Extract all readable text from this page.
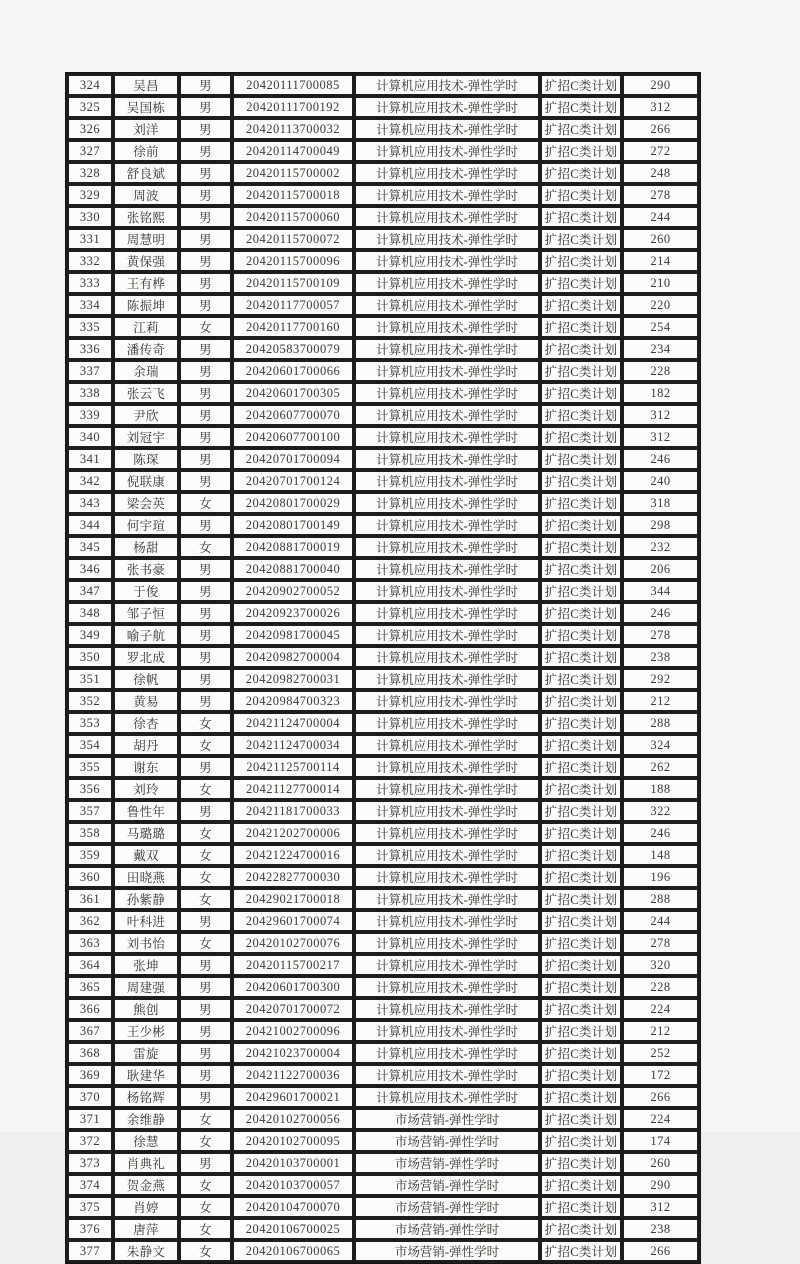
324	吴昌	男	20420111700085	计算机应用技术-弹性学时	扩招C类计划	290
325	吴国栋	男	20420111700192	计算机应用技术-弹性学时	扩招C类计划	312
326	刘洋	男	20420113700032	计算机应用技术-弹性学时	扩招C类计划	266
327	徐前	男	20420114700049	计算机应用技术-弹性学时	扩招C类计划	272
328	舒良斌	男	20420115700002	计算机应用技术-弹性学时	扩招C类计划	248
329	周波	男	20420115700018	计算机应用技术-弹性学时	扩招C类计划	278
330	张铭熙	男	20420115700060	计算机应用技术-弹性学时	扩招C类计划	244
331	周慧明	男	20420115700072	计算机应用技术-弹性学时	扩招C类计划	260
332	黄保强	男	20420115700096	计算机应用技术-弹性学时	扩招C类计划	214
333	王有桦	男	20420115700109	计算机应用技术-弹性学时	扩招C类计划	210
334	陈振坤	男	20420117700057	计算机应用技术-弹性学时	扩招C类计划	220
335	江莉	女	20420117700160	计算机应用技术-弹性学时	扩招C类计划	254
336	潘传奇	男	20420583700079	计算机应用技术-弹性学时	扩招C类计划	234
337	余瑞	男	20420601700066	计算机应用技术-弹性学时	扩招C类计划	228
338	张云飞	男	20420601700305	计算机应用技术-弹性学时	扩招C类计划	182
339	尹欣	男	20420607700070	计算机应用技术-弹性学时	扩招C类计划	312
340	刘冠宇	男	20420607700100	计算机应用技术-弹性学时	扩招C类计划	312
341	陈琛	男	20420701700094	计算机应用技术-弹性学时	扩招C类计划	246
342	倪联康	男	20420701700124	计算机应用技术-弹性学时	扩招C类计划	240
343	梁会英	女	20420801700029	计算机应用技术-弹性学时	扩招C类计划	318
344	何宇瑄	男	20420801700149	计算机应用技术-弹性学时	扩招C类计划	298
345	杨甜	女	20420881700019	计算机应用技术-弹性学时	扩招C类计划	232
346	张书豪	男	20420881700040	计算机应用技术-弹性学时	扩招C类计划	206
347	于俊	男	20420902700052	计算机应用技术-弹性学时	扩招C类计划	344
348	邹子恒	男	20420923700026	计算机应用技术-弹性学时	扩招C类计划	246
349	喻子航	男	20420981700045	计算机应用技术-弹性学时	扩招C类计划	278
350	罗北成	男	20420982700004	计算机应用技术-弹性学时	扩招C类计划	238
351	徐帆	男	20420982700031	计算机应用技术-弹性学时	扩招C类计划	292
352	黄易	男	20420984700323	计算机应用技术-弹性学时	扩招C类计划	212
353	徐杏	女	20421124700004	计算机应用技术-弹性学时	扩招C类计划	288
354	胡丹	女	20421124700034	计算机应用技术-弹性学时	扩招C类计划	324
355	谢东	男	20421125700114	计算机应用技术-弹性学时	扩招C类计划	262
356	刘玲	女	20421127700014	计算机应用技术-弹性学时	扩招C类计划	188
357	鲁性年	男	20421181700033	计算机应用技术-弹性学时	扩招C类计划	322
358	马璐璐	女	20421202700006	计算机应用技术-弹性学时	扩招C类计划	246
359	戴双	女	20421224700016	计算机应用技术-弹性学时	扩招C类计划	148
360	田晓燕	女	20422827700030	计算机应用技术-弹性学时	扩招C类计划	196
361	孙紫静	女	20429021700018	计算机应用技术-弹性学时	扩招C类计划	288
362	叶科进	男	20429601700074	计算机应用技术-弹性学时	扩招C类计划	244
363	刘书怡	女	20420102700076	计算机应用技术-弹性学时	扩招C类计划	278
364	张坤	男	20420115700217	计算机应用技术-弹性学时	扩招C类计划	320
365	周建强	男	20420601700300	计算机应用技术-弹性学时	扩招C类计划	228
366	熊创	男	20420701700072	计算机应用技术-弹性学时	扩招C类计划	224
367	王少彬	男	20421002700096	计算机应用技术-弹性学时	扩招C类计划	212
368	雷旋	男	20421023700004	计算机应用技术-弹性学时	扩招C类计划	252
369	耿建华	男	20421122700036	计算机应用技术-弹性学时	扩招C类计划	172
370	杨铭辉	男	20429601700021	计算机应用技术-弹性学时	扩招C类计划	266
371	余维静	女	20420102700056	市场营销-弹性学时	扩招C类计划	224
372	徐慧	女	20420102700095	市场营销-弹性学时	扩招C类计划	174
373	肖典礼	男	20420103700001	市场营销-弹性学时	扩招C类计划	260
374	贺金燕	女	20420103700057	市场营销-弹性学时	扩招C类计划	290
375	肖婷	女	20420104700070	市场营销-弹性学时	扩招C类计划	312
376	唐萍	女	20420106700025	市场营销-弹性学时	扩招C类计划	238
377	朱静文	女	20420106700065	市场营销-弹性学时	扩招C类计划	266
